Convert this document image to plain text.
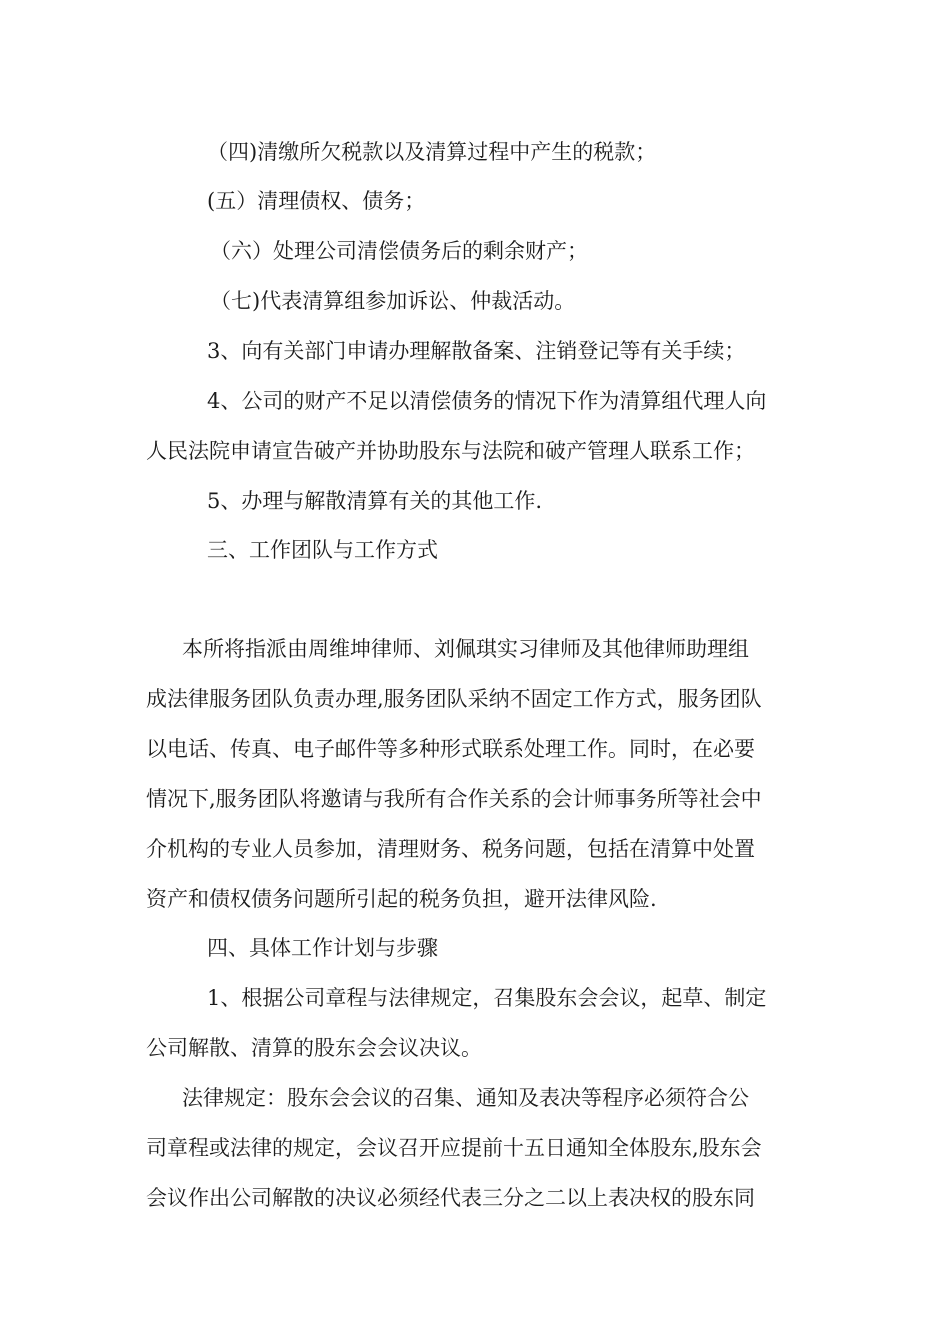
（四)清缴所欠税款以及清算过程中产生的税款；
(五）清理债权、债务；
（六）处理公司清偿债务后的剩余财产；
（七)代表清算组参加诉讼、仲裁活动。
3、向有关部门申请办理解散备案、注销登记等有关手续；
4、公司的财产不足以清偿债务的情况下作为清算组代理人向
人民法院申请宣告破产并协助股东与法院和破产管理人联系工作；
5、办理与解散清算有关的其他工作.
三、工作团队与工作方式
本所将指派由周维坤律师、刘佩琪实习律师及其他律师助理组
成法律服务团队负责办理,服务团队采纳不固定工作方式，服务团队
以电话、传真、电子邮件等多种形式联系处理工作。同时，在必要
情况下,服务团队将邀请与我所有合作关系的会计师事务所等社会中
介机构的专业人员参加，清理财务、税务问题，包括在清算中处置
资产和债权债务问题所引起的税务负担，避开法律风险.
四、具体工作计划与步骤
1、根据公司章程与法律规定，召集股东会会议，起草、制定
公司解散、清算的股东会会议决议。
法律规定：股东会会议的召集、通知及表决等程序必须符合公
司章程或法律的规定，会议召开应提前十五日通知全体股东,股东会
会议作出公司解散的决议必须经代表三分之二以上表决权的股东同
